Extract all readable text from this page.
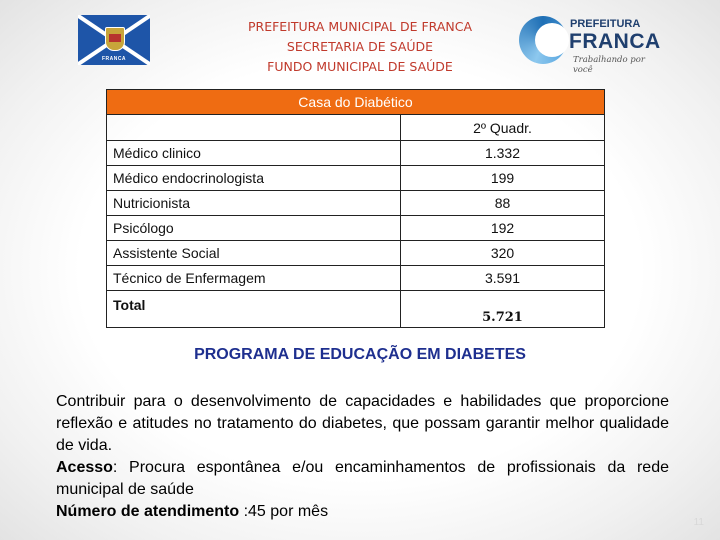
FRANCA
PREFEITURA MUNICIPAL DE FRANCA
SECRETARIA DE SAÚDE
FUNDO MUNICIPAL DE SAÚDE
PREFEITURA
FRANCA
Trabalhando por você
Casa do Diabético	
	2º Quadr.
Médico clinico	1.332
Médico endocrinologista	199
Nutricionista	88
Psicólogo	192
Assistente Social	320
Técnico de Enfermagem	3.591
Total	5.721
PROGRAMA DE EDUCAÇÃO EM DIABETES

Contribuir para o desenvolvimento de capacidades e habilidades que proporcione reflexão e atitudes no tratamento do diabetes, que possam garantir melhor qualidade de vida.

Acesso: Procura espontânea e/ou encaminhamentos de profissionais da rede municipal de saúde

Número de atendimento :45 por mês

11
